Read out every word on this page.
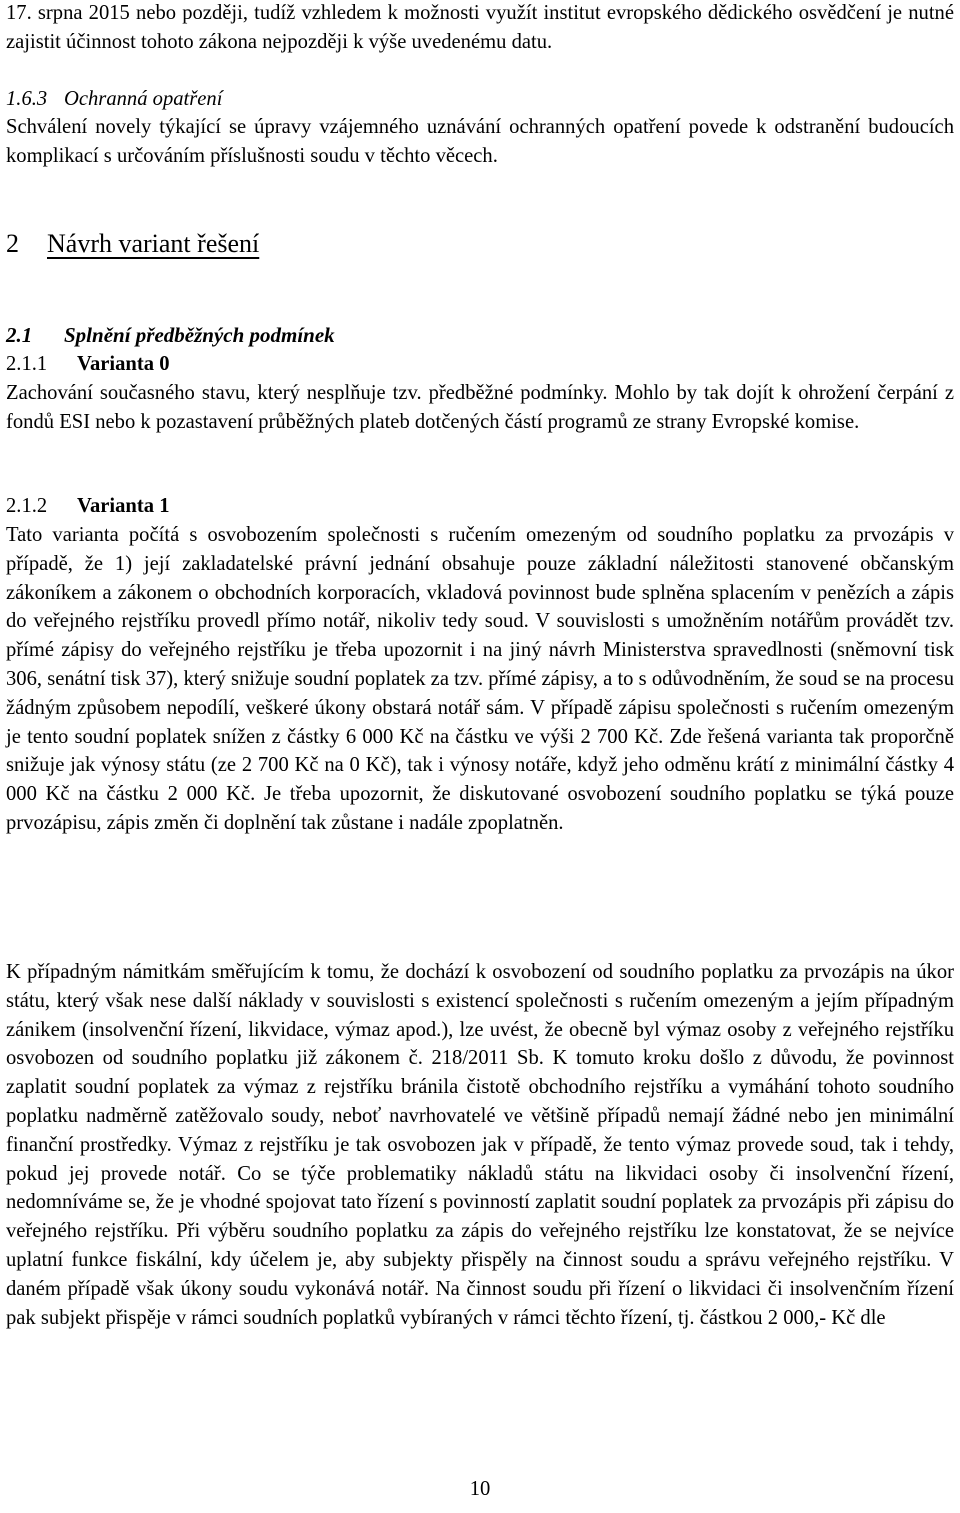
17. srpna 2015 nebo později, tudíž vzhledem k možnosti využít institut evropského dědického osvědčení je nutné zajistit účinnost tohoto zákona nejpozději k výše uvedenému datu.

1.6.3 Ochranná opatření

Schválení novely týkající se úpravy vzájemného uznávání ochranných opatření povede k odstranění budoucích komplikací s určováním příslušnosti soudu v těchto věcech.

2 Návrh variant řešení
2.1 Splnění předběžných podmínek
2.1.1 Varianta 0

Zachování současného stavu, který nesplňuje tzv. předběžné podmínky. Mohlo by tak dojít k ohrožení čerpání z fondů ESI nebo k pozastavení průběžných plateb dotčených částí programů ze strany Evropské komise.

2.1.2 Varianta 1

Tato varianta počítá s osvobozením společnosti s ručením omezeným od soudního poplatku za prvozápis v případě, že 1) její zakladatelské právní jednání obsahuje pouze základní náležitosti stanovené občanským zákoníkem a zákonem o obchodních korporacích, vkladová povinnost bude splněna splacením v penězích a zápis do veřejného rejstříku provedl přímo notář, nikoliv tedy soud. V souvislosti s umožněním notářům provádět tzv. přímé zápisy do veřejného rejstříku je třeba upozornit i na jiný návrh Ministerstva spravedlnosti (sněmovní tisk 306, senátní tisk 37), který snižuje soudní poplatek za tzv. přímé zápisy, a to s odůvodněním, že soud se na procesu žádným způsobem nepodílí, veškeré úkony obstará notář sám. V případě zápisu společnosti s ručením omezeným je tento soudní poplatek snížen z částky 6 000 Kč na částku ve výši 2 700 Kč. Zde řešená varianta tak proporčně snižuje jak výnosy státu (ze 2 700 Kč na 0 Kč), tak i výnosy notáře, když jeho odměnu krátí z minimální částky 4 000 Kč na částku 2 000 Kč. Je třeba upozornit, že diskutované osvobození soudního poplatku se týká pouze prvozápisu, zápis změn či doplnění tak zůstane i nadále zpoplatněn.

K případným námitkám směřujícím k tomu, že dochází k osvobození od soudního poplatku za prvozápis na úkor státu, který však nese další náklady v souvislosti s existencí společnosti s ručením omezeným a jejím případným zánikem (insolvenční řízení, likvidace, výmaz apod.), lze uvést, že obecně byl výmaz osoby z veřejného rejstříku osvobozen od soudního poplatku již zákonem č. 218/2011 Sb. K tomuto kroku došlo z důvodu, že povinnost zaplatit soudní poplatek za výmaz z rejstříku bránila čistotě obchodního rejstříku a vymáhání tohoto soudního poplatku nadměrně zatěžovalo soudy, neboť navrhovatelé ve většině případů nemají žádné nebo jen minimální finanční prostředky. Výmaz z rejstříku je tak osvobozen jak v případě, že tento výmaz provede soud, tak i tehdy, pokud jej provede notář. Co se týče problematiky nákladů státu na likvidaci osoby či insolvenční řízení, nedomníváme se, že je vhodné spojovat tato řízení s povinností zaplatit soudní poplatek za prvozápis při zápisu do veřejného rejstříku. Při výběru soudního poplatku za zápis do veřejného rejstříku lze konstatovat, že se nejvíce uplatní funkce fiskální, kdy účelem je, aby subjekty přispěly na činnost soudu a správu veřejného rejstříku. V daném případě však úkony soudu vykonává notář. Na činnost soudu při řízení o likvidaci či insolvenčním řízení pak subjekt přispěje v rámci soudních poplatků vybíraných v rámci těchto řízení, tj. částkou 2 000,- Kč dle

10
